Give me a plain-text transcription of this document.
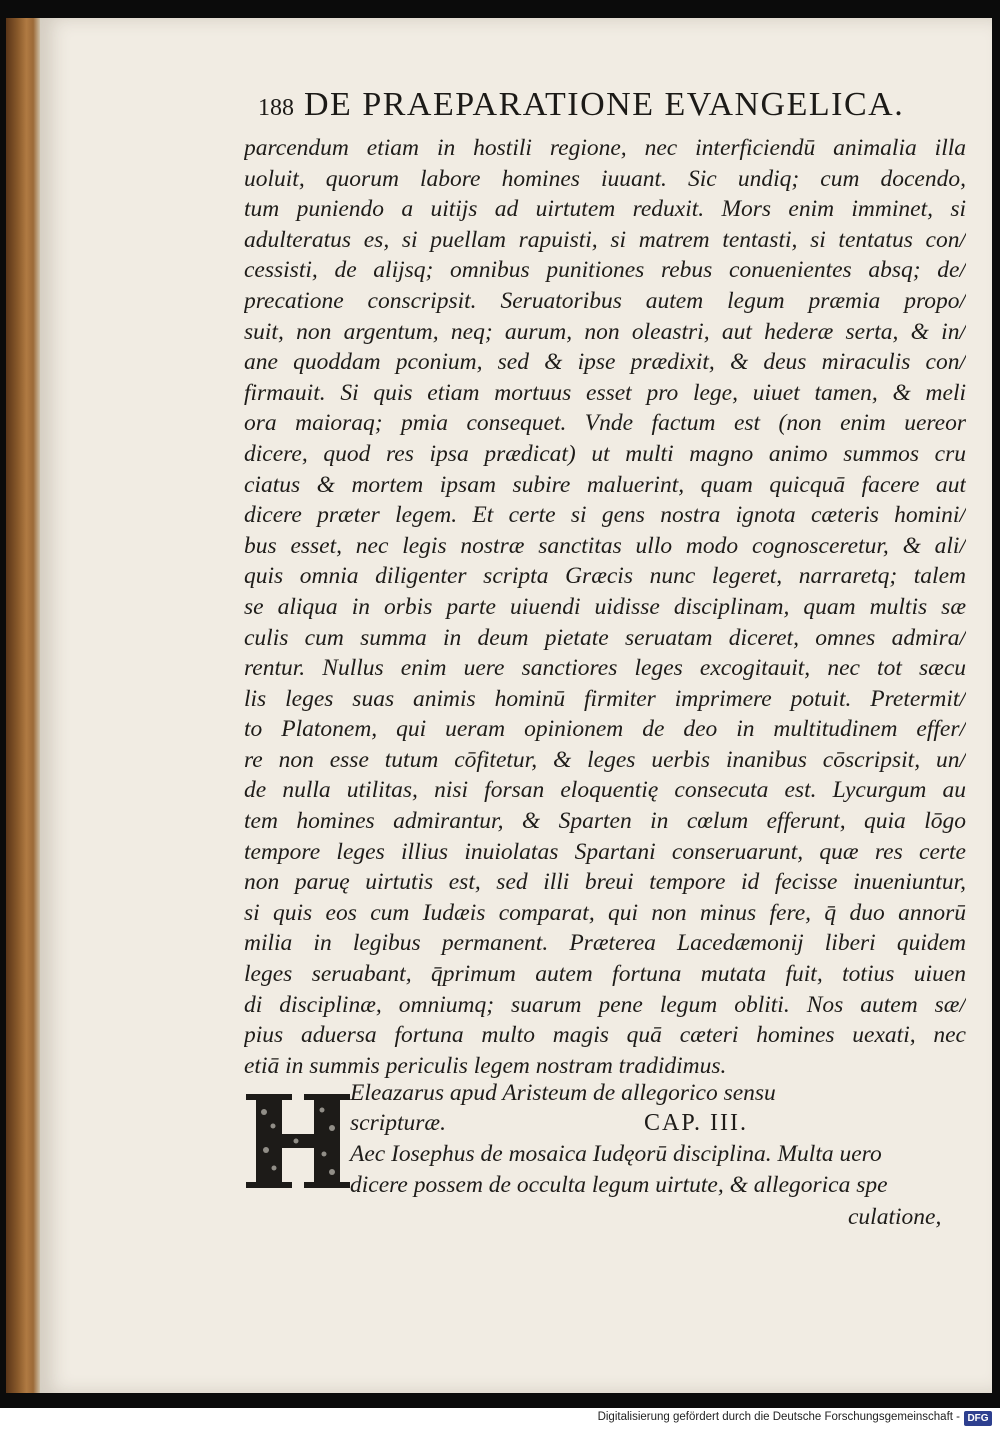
188 DE PRAEPARATIONE EVANGELICA.
parcendum etiam in hostili regione, nec interficiendū animalia illa
uoluit, quorum labore homines iuuant. Sic undiq; cum docendo,
tum puniendo a uitijs ad uirtutem reduxit. Mors enim imminet, si
adulteratus es, si puellam rapuisti, si matrem tentasti, si tentatus con/
cessisti, de alijsq; omnibus punitiones rebus conuenientes absq; de/
precatione conscripsit. Seruatoribus autem legum præmia propo/
suit, non argentum, neq; aurum, non oleastri, aut hederæ serta, & in/
ane quoddam pconium, sed & ipse prædixit, & deus miraculis con/
firmauit. Si quis etiam mortuus esset pro lege, uiuet tamen, & meli
ora maioraq; pmia consequet. Vnde factum est (non enim uereor
dicere, quod res ipsa prædicat) ut multi magno animo summos cru
ciatus & mortem ipsam subire maluerint, quam quicquā facere aut
dicere præter legem. Et certe si gens nostra ignota cæteris homini/
bus esset, nec legis nostræ sanctitas ullo modo cognosceretur, & ali/
quis omnia diligenter scripta Græcis nunc legeret, narraretq; talem
se aliqua in orbis parte uiuendi uidisse disciplinam, quam multis sæ
culis cum summa in deum pietate seruatam diceret, omnes admira/
rentur. Nullus enim uere sanctiores leges excogitauit, nec tot sæcu
lis leges suas animis hominū firmiter imprimere potuit. Pretermit/
to Platonem, qui ueram opinionem de deo in multitudinem effer/
re non esse tutum cōfitetur, & leges uerbis inanibus cōscripsit, un/
de nulla utilitas, nisi forsan eloquentię consecuta est. Lycurgum au
tem homines admirantur, & Sparten in cœlum efferunt, quia lōgo
tempore leges illius inuiolatas Spartani conseruarunt, quæ res certe
non paruę uirtutis est, sed illi breui tempore id fecisse inueniuntur,
si quis eos cum Iudæis comparat, qui non minus fere, q̄ duo annorū
milia in legibus permanent. Præterea Lacedæmonij liberi quidem
leges seruabant, q̄primum autem fortuna mutata fuit, totius uiuen
di disciplinæ, omniumq; suarum pene legum obliti. Nos autem sæ/
pius aduersa fortuna multo magis quā cæteri homines uexati, nec
etiā in summis periculis legem nostram tradidimus.
Eleazarus apud Aristeum de allegorico sensu
scripturæ.	CAP. III.
Aec Iosephus de mosaica Iudęorū disciplina. Multa uero
dicere possem de occulta legum uirtute, & allegorica spe
culatione,
Digitalisierung gefördert durch die Deutsche Forschungsgemeinschaft - DFG
